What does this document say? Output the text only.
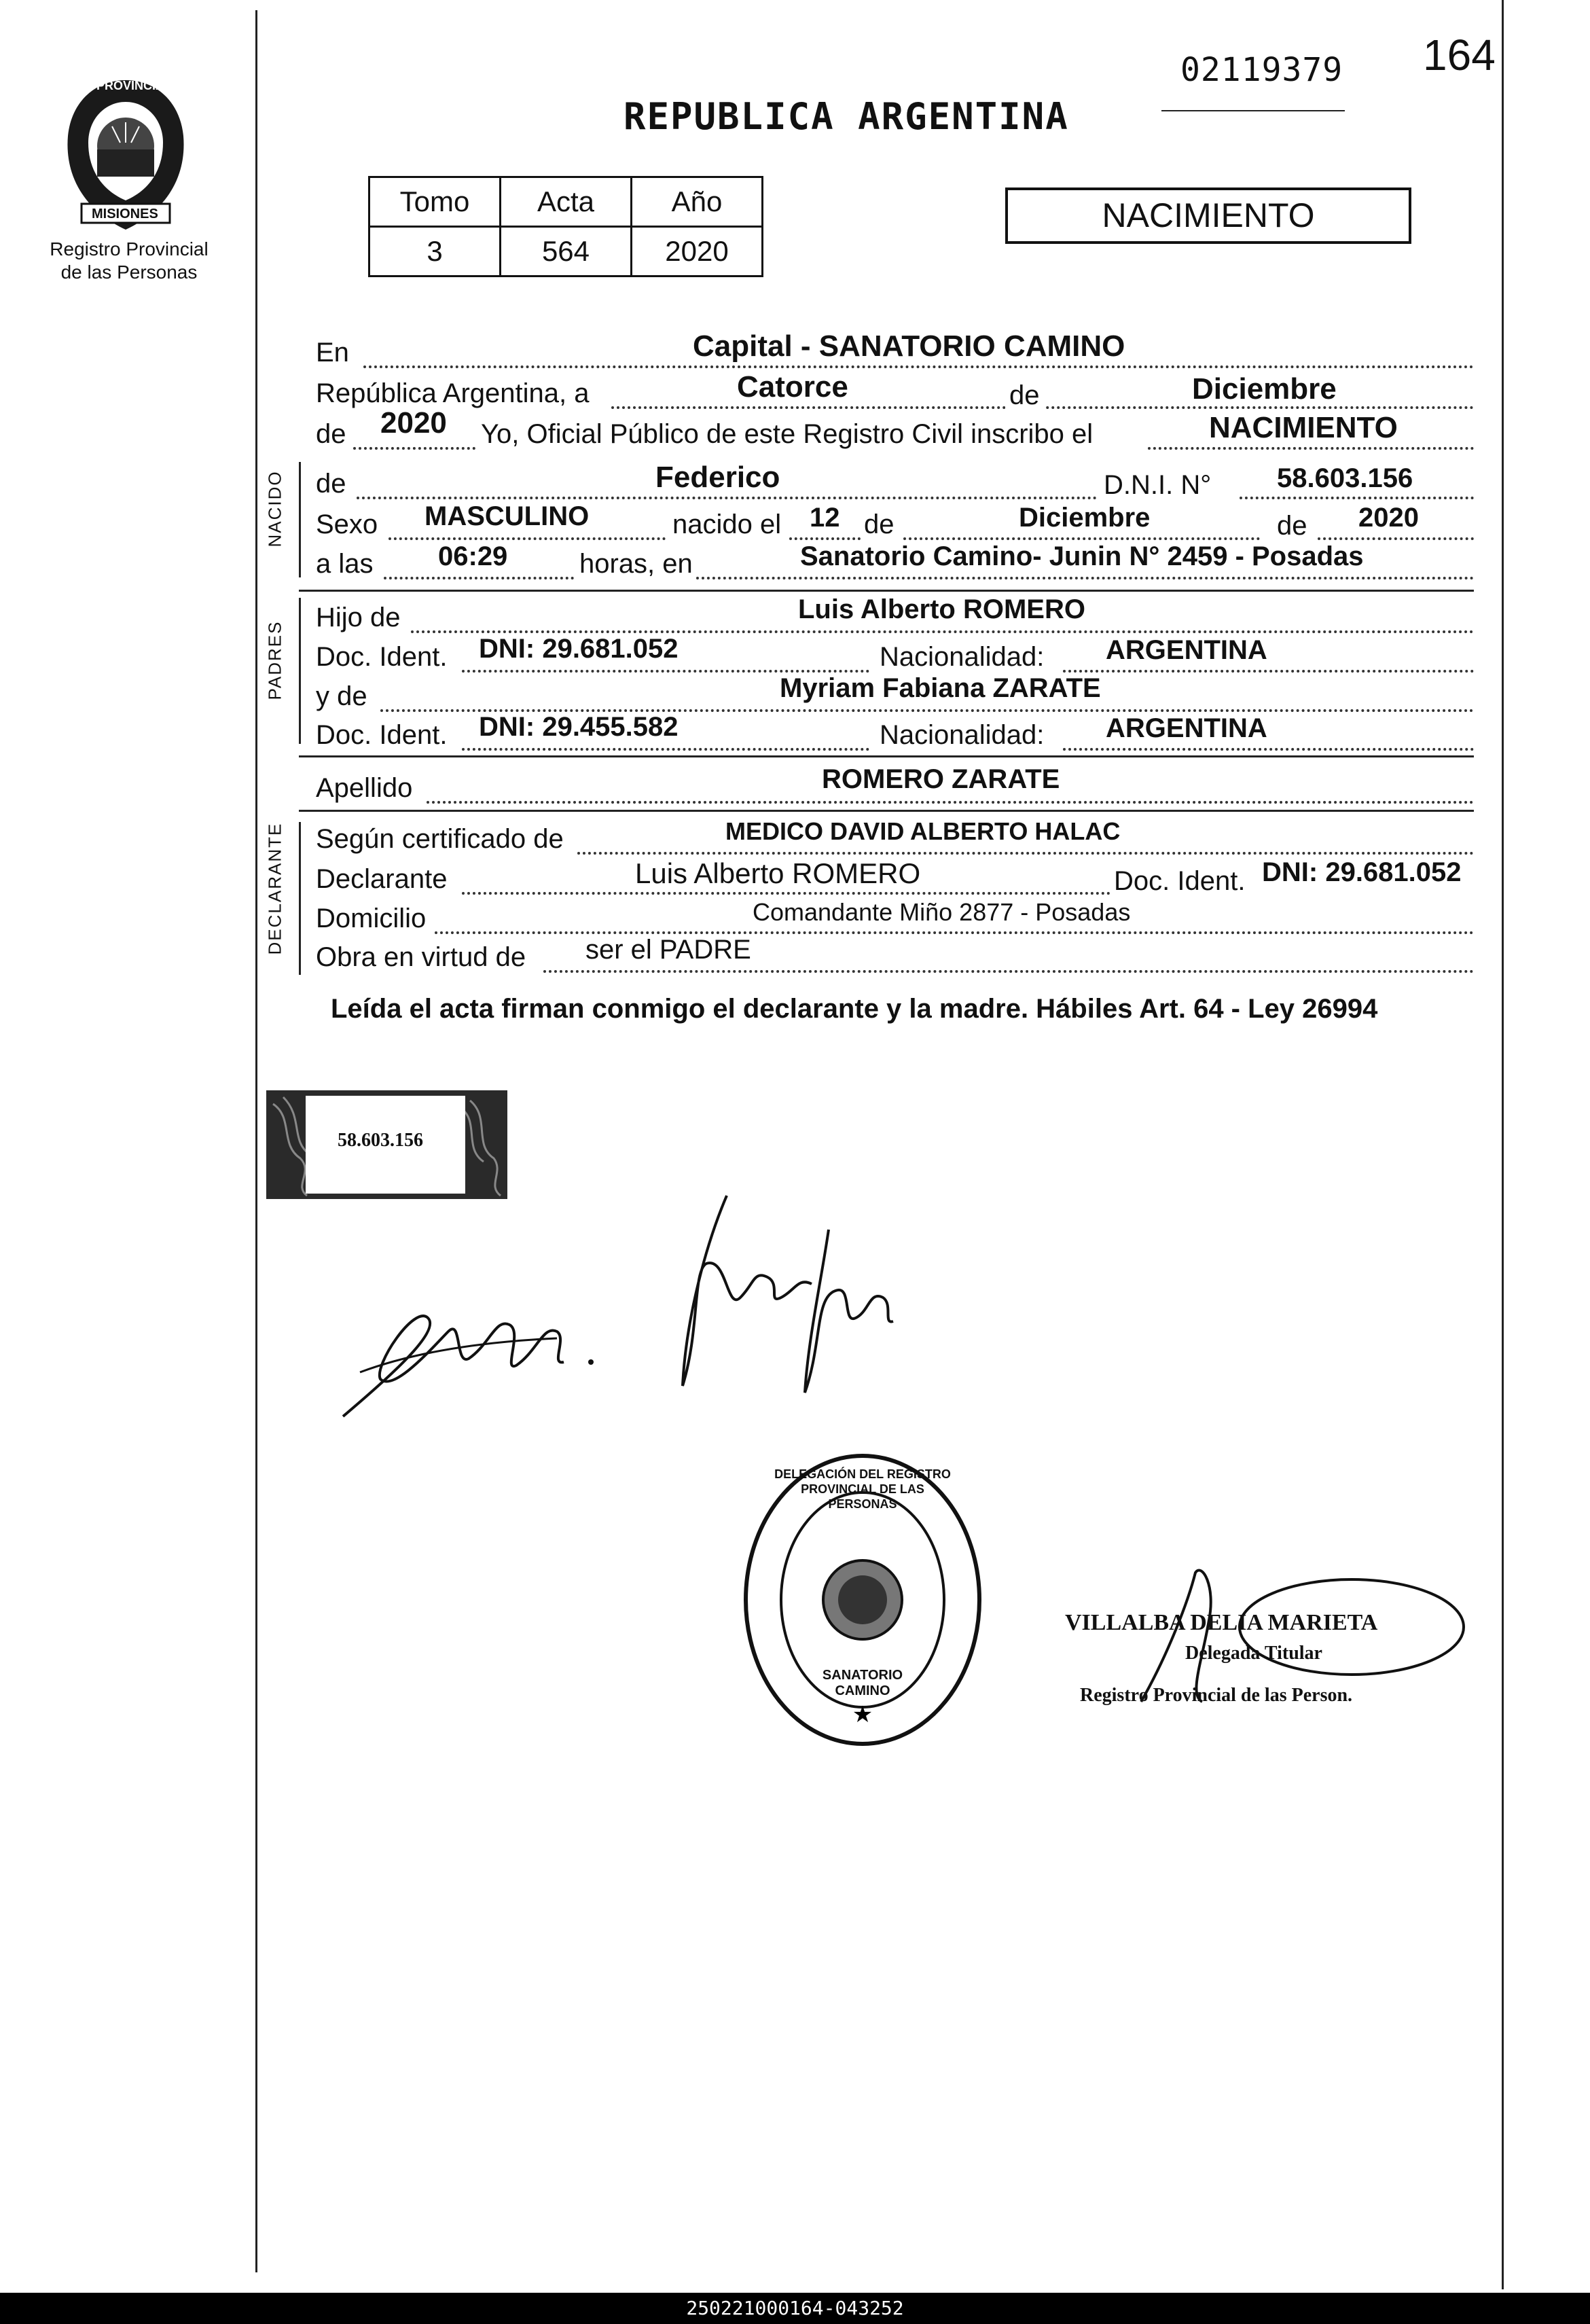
PROVINCIA DE
MISIONES
Registro Provincial
de las Personas
02119379 164
REPUBLICA ARGENTINA
Tomo	Acta	Año
3	564	2020
NACIMIENTO
En	Capital - SANATORIO CAMINO
República Argentina, a	Catorce	de	Diciembre
de 2020 Yo, Oficial Público de este Registro Civil inscribo el	NACIMIENTO
NACIDO de	Federico	D.N.I. N° 58.603.156
Sexo MASCULINO	nacido el 12 de	Diciembre	de 2020
a las 06:29	horas, en	Sanatorio Camino- Junin N° 2459 - Posadas
PADRES
Hijo de	Luis Alberto ROMERO
Doc. Ident. DNI: 29.681.052	Nacionalidad: ARGENTINA
y de	Myriam Fabiana ZARATE
Doc. Ident. DNI: 29.455.582	Nacionalidad: ARGENTINA
Apellido	ROMERO ZARATE
DECLARANTE Según certificado de	MEDICO DAVID ALBERTO HALAC
Declarante	Luis Alberto ROMERO	Doc. Ident. DNI: 29.681.052
Domicilio	Comandante Miño 2877 - Posadas
Obra en virtud de ser el PADRE
Leída el acta firman conmigo el declarante y la madre. Hábiles Art. 64 - Ley 26994
58.603.156
★
DELEGACIÓN DEL REGISTRO PROVINCIAL DE LAS PERSONAS
SANATORIO CAMINO
VILLALBA DELIA MARIETA
Delegada Titular
Registro Provincial de las Person.
250221000164-043252
